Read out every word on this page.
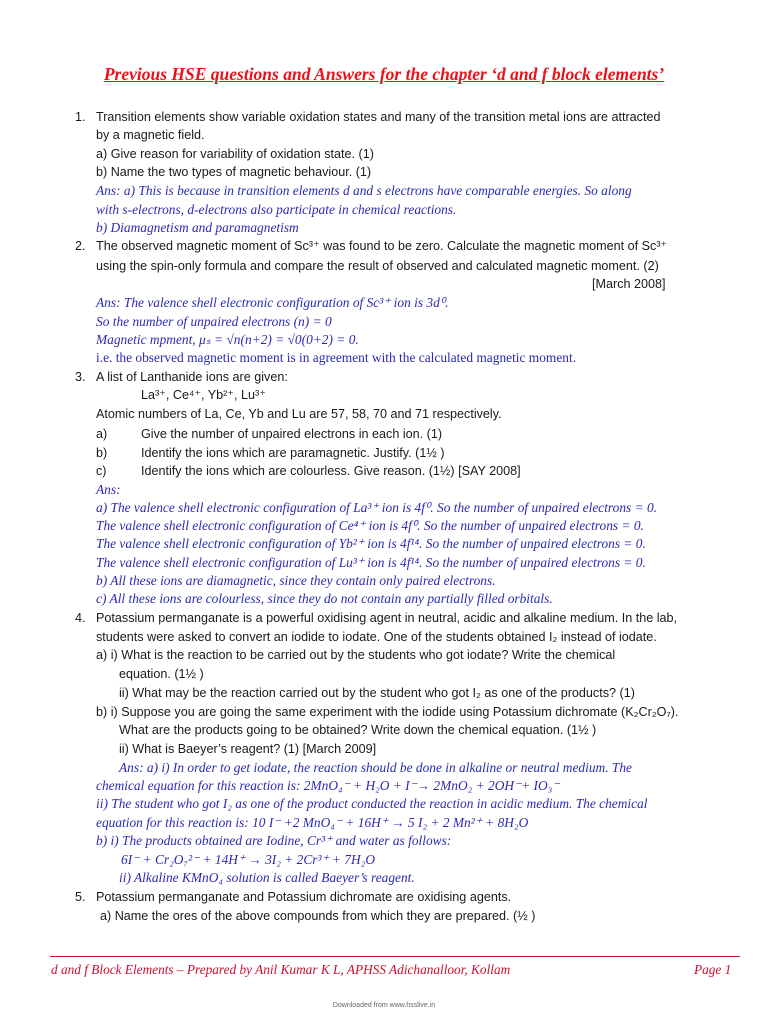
Previous HSE questions and Answers for the chapter ‘d and f block elements’
1. Transition elements show variable oxidation states and many of the transition metal ions are attracted
by a magnetic field.
a) Give reason for variability of oxidation state. (1)
b) Name the two types of magnetic behaviour. (1)
Ans: a) This is because in transition elements d and s electrons have comparable energies. So along
with s-electrons, d-electrons also participate in chemical reactions.
b) Diamagnetism and paramagnetism
2. The observed magnetic moment of Sc³⁺ was found to be zero. Calculate the magnetic moment of Sc³⁺
using the spin-only formula and compare the result of observed and calculated magnetic moment. (2)
[March 2008]
Ans: The valence shell electronic configuration of Sc³⁺ ion is 3d⁰.
So the number of unpaired electrons (n) = 0
Magnetic mpment, μₛ = √n(n+2) = √0(0+2) = 0.
i.e. the observed magnetic moment is in agreement with the calculated magnetic moment.
3. A list of Lanthanide ions are given:
La³⁺, Ce⁴⁺, Yb²⁺, Lu³⁺
Atomic numbers of La, Ce, Yb and Lu are 57, 58, 70 and 71 respectively.
a)	Give the number of unpaired electrons in each ion. (1)
b)	Identify the ions which are paramagnetic. Justify. (1½ )
c)	Identify the ions which are colourless. Give reason. (1½) [SAY 2008]
Ans:
a) The valence shell electronic configuration of La³⁺ ion is 4f⁰. So the number of unpaired electrons = 0.
The valence shell electronic configuration of Ce⁴⁺ ion is 4f⁰. So the number of unpaired electrons = 0.
The valence shell electronic configuration of Yb²⁺ ion is 4f¹⁴. So the number of unpaired electrons = 0.
The valence shell electronic configuration of Lu³⁺ ion is 4f¹⁴. So the number of unpaired electrons = 0.
b) All these ions are diamagnetic, since they contain only paired electrons.
c) All these ions are colourless, since they do not contain any partially filled orbitals.
4. Potassium permanganate is a powerful oxidising agent in neutral, acidic and alkaline medium. In the lab,
students were asked to convert an iodide to iodate. One of the students obtained I₂ instead of iodate.
a) i) What is the reaction to be carried out by the students who got iodate? Write the chemical
equation. (1½ )
ii) What may be the reaction carried out by the student who got I₂ as one of the products? (1)
b) i) Suppose you are going the same experiment with the iodide using Potassium dichromate (K₂Cr₂O₇).
What are the products going to be obtained? Write down the chemical equation. (1½ )
ii) What is Baeyer’s reagent? (1) [March 2009]
Ans: a) i) In order to get iodate, the reaction should be done in alkaline or neutral medium. The
chemical equation for this reaction is: 2MnO₄⁻ + H₂O + I⁻→ 2MnO₂ + 2OH⁻+ IO₃⁻
ii) The student who got I₂ as one of the product conducted the reaction in acidic medium. The chemical
equation for this reaction is: 10 I⁻ +2 MnO₄⁻ + 16H⁺ → 5 I₂ + 2 Mn²⁺ + 8H₂O
b) i) The products obtained are Iodine, Cr³⁺ and water as follows:
6I⁻ + Cr₂O₇²⁻ + 14H⁺ → 3I₂ + 2Cr³⁺ + 7H₂O
ii) Alkaline KMnO₄ solution is called Baeyer’s reagent.
5. Potassium permanganate and Potassium dichromate are oxidising agents.
a) Name the ores of the above compounds from which they are prepared. (½ )
d and f Block Elements – Prepared by Anil Kumar K L, APHSS Adichanalloor, Kollam	Page 1
Downloaded from www.hsslive.in
